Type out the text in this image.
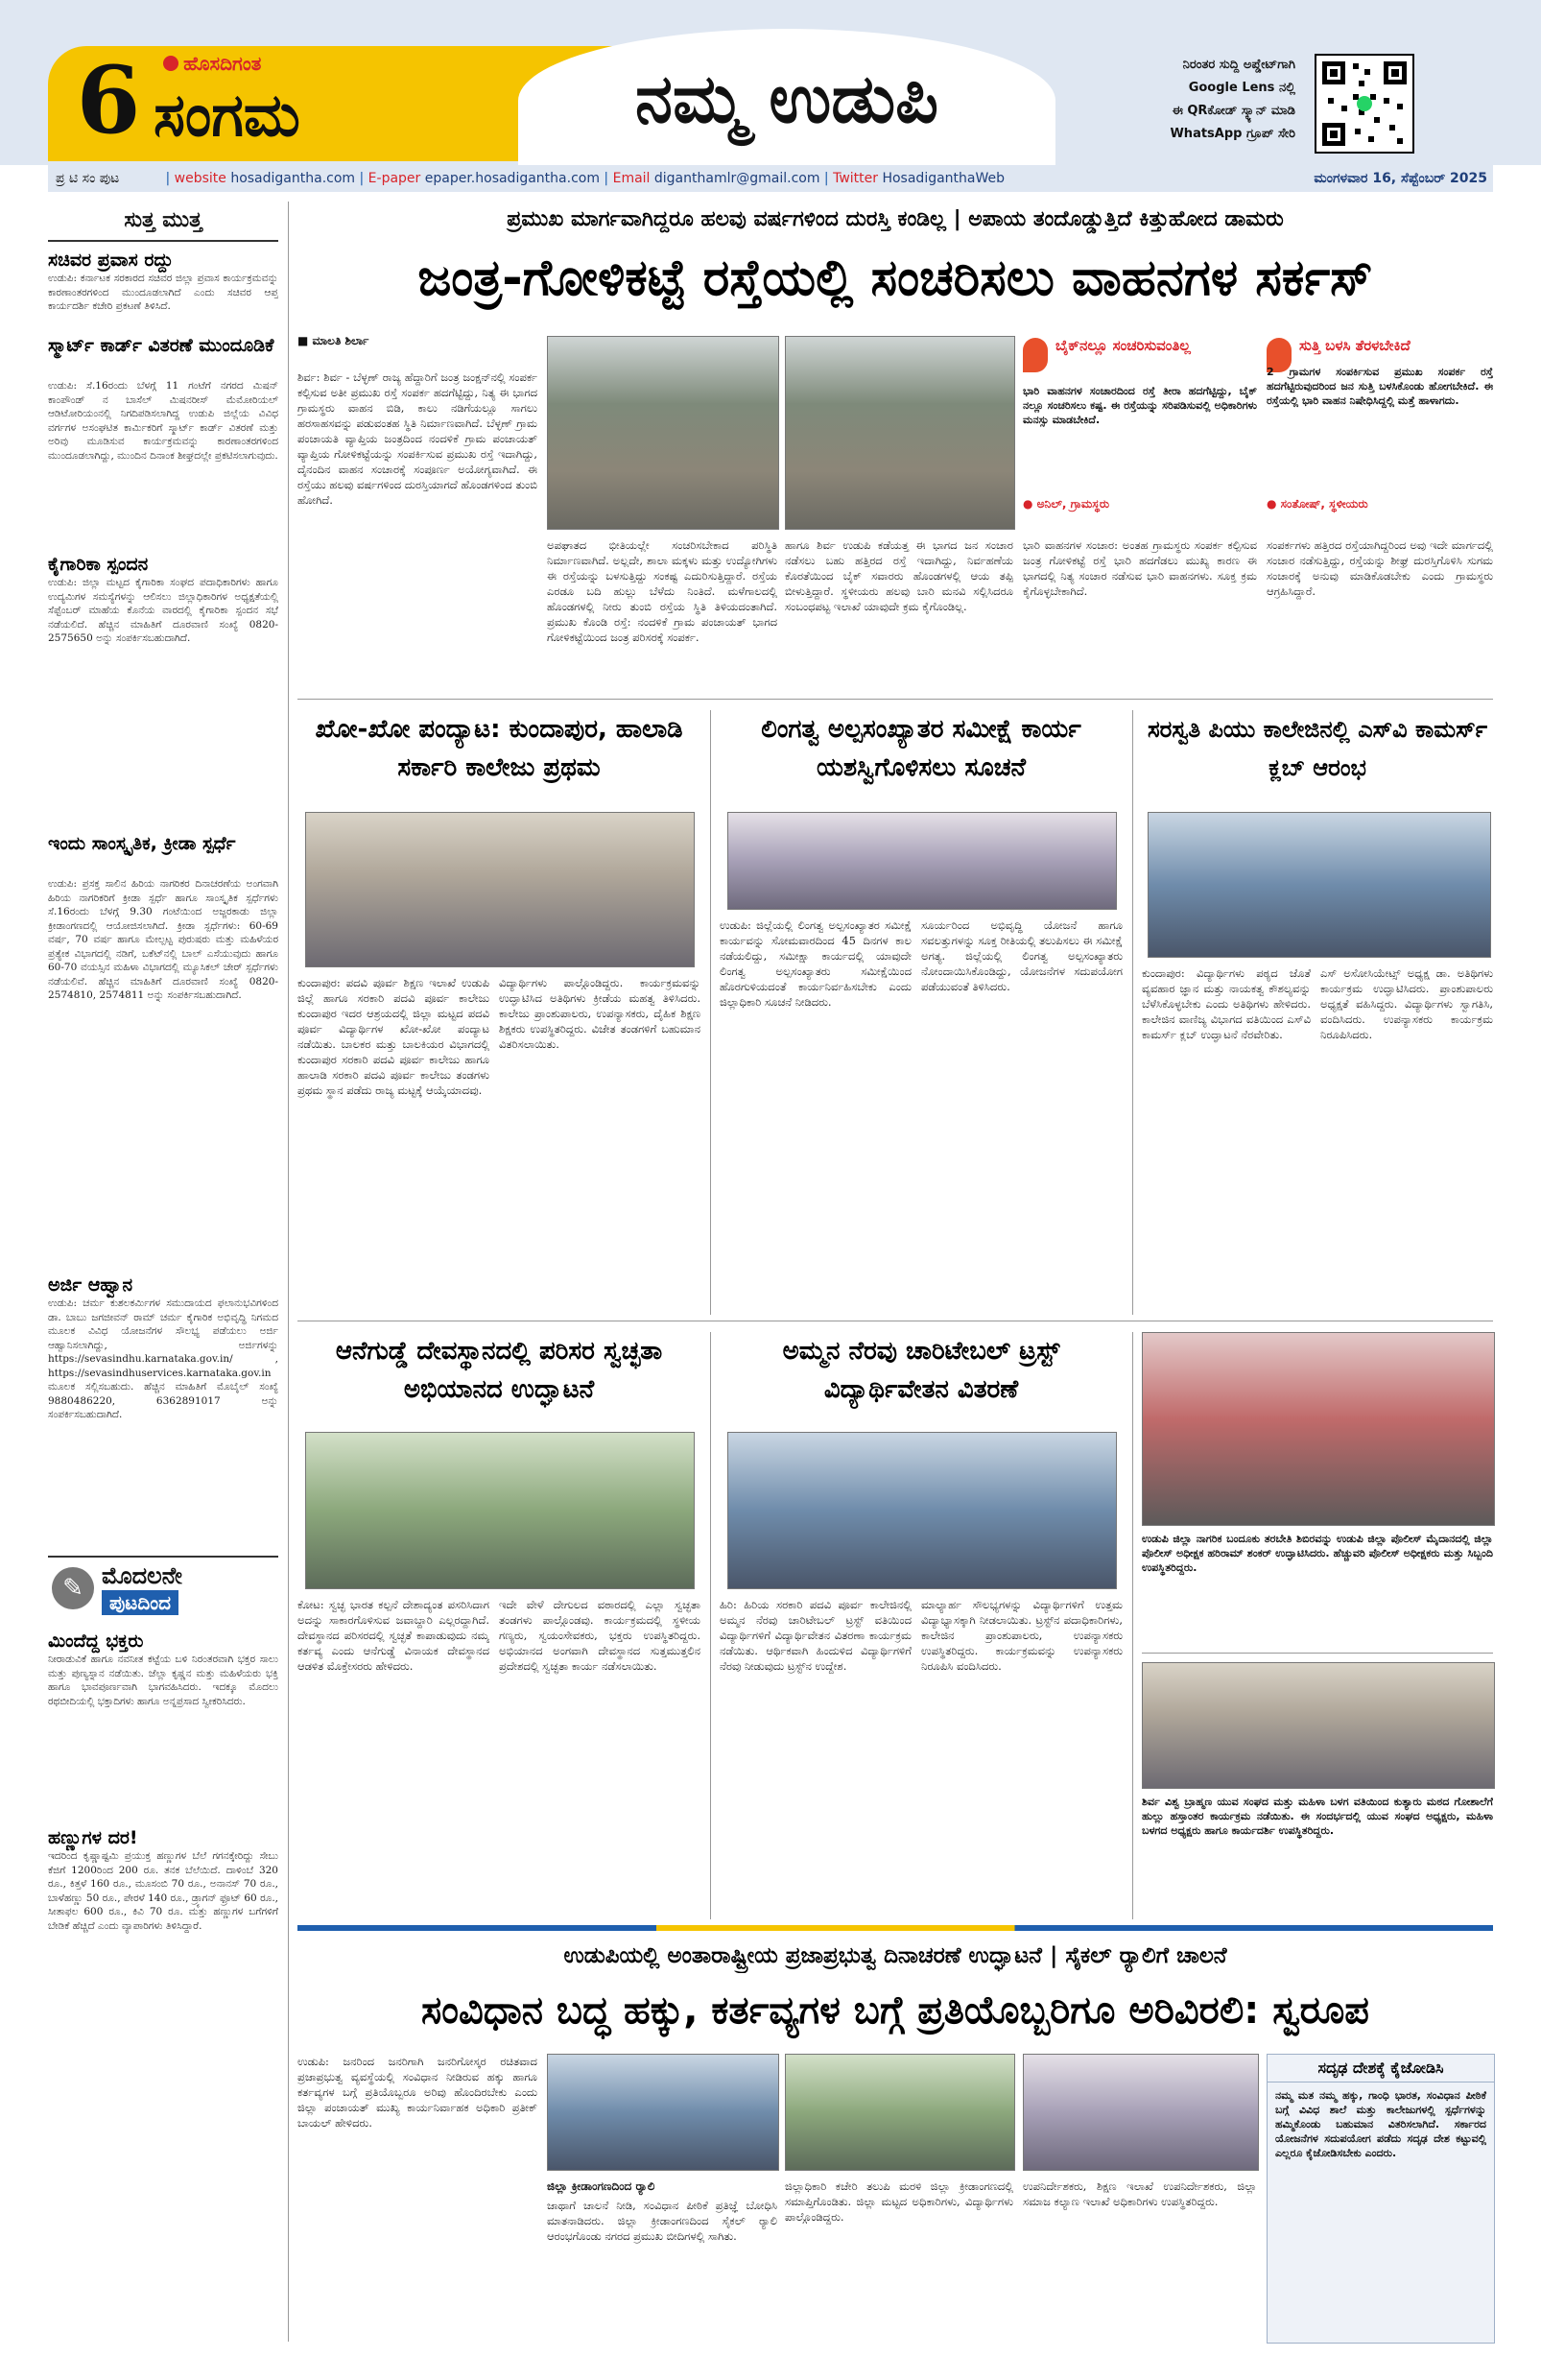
6	ಹೊಸದಿಗಂತ
ಸಂಗಮ	ನಮ್ಮ ಉಡುಪಿ	ನಿರಂತರ ಸುದ್ದಿ ಅಪ್ಡೇಟ್‌ಗಾಗಿ
Google Lens ನಲ್ಲಿ
ಈ QRಕೋಡ್ ಸ್ಕ್ಯಾನ್ ಮಾಡಿ
WhatsApp ಗ್ರೂಪ್ ಸೇರಿ
ಪ್ರ ಟಿ ಸಂ ಪುಟ	| website hosadigantha.com | E-paper epaper.hosadigantha.com | Email diganthamlr@gmail.com | Twitter HosadiganthaWeb	ಮಂಗಳವಾರ 16, ಸೆಪ್ಟೆಂಬರ್ 2025
ಸುತ್ತ ಮುತ್ತ
ಸಚಿವರ ಪ್ರವಾಸ ರದ್ದು
ಉಡುಪಿ: ಕರ್ನಾಟಕ ಸರಕಾರದ ಸಚಿವರ ಜಿಲ್ಲಾ ಪ್ರವಾಸ ಕಾರ್ಯಕ್ರಮವನ್ನು ಕಾರಣಾಂತರಗಳಿಂದ ಮುಂದೂಡಲಾಗಿದೆ ಎಂದು ಸಚಿವರ ಆಪ್ತ ಕಾರ್ಯದರ್ಶಿ ಕಚೇರಿ ಪ್ರಕಟಣೆ ತಿಳಿಸಿದೆ.
ಸ್ಮಾರ್ಟ್ ಕಾರ್ಡ್ ವಿತರಣೆ ಮುಂದೂಡಿಕೆ
ಉಡುಪಿ: ಸೆ.16ರಂದು ಬೆಳಗ್ಗೆ 11 ಗಂಟೆಗೆ ನಗರದ ಮಿಷನ್ ಕಾಂಪೌಂಡ್ ನ ಬಾಸೆಲ್ ಮಿಷನರೀಸ್ ಮೆಮೋರಿಯಲ್ ಆಡಿಟೋರಿಯಂನಲ್ಲಿ ನಿಗದಿಪಡಿಸಲಾಗಿದ್ದ ಉಡುಪಿ ಜಿಲ್ಲೆಯ ವಿವಿಧ ವರ್ಗಗಳ ಅಸಂಘಟಿತ ಕಾರ್ಮಿಕರಿಗೆ ಸ್ಮಾರ್ಟ್ ಕಾರ್ಡ್ ವಿತರಣೆ ಮತ್ತು ಅರಿವು ಮೂಡಿಸುವ ಕಾರ್ಯಕ್ರಮವನ್ನು ಕಾರಣಾಂತರಗಳಿಂದ ಮುಂದೂಡಲಾಗಿದ್ದು, ಮುಂದಿನ ದಿನಾಂಕ ಶೀಘ್ರದಲ್ಲೇ ಪ್ರಕಟಿಸಲಾಗುವುದು.
ಕೈಗಾರಿಕಾ ಸ್ಪಂದನ
ಉಡುಪಿ: ಜಿಲ್ಲಾ ಮಟ್ಟದ ಕೈಗಾರಿಕಾ ಸಂಘದ ಪದಾಧಿಕಾರಿಗಳು ಹಾಗೂ ಉದ್ಯಮಿಗಳ ಸಮಸ್ಯೆಗಳನ್ನು ಆಲಿಸಲು ಜಿಲ್ಲಾಧಿಕಾರಿಗಳ ಅಧ್ಯಕ್ಷತೆಯಲ್ಲಿ ಸೆಪ್ಟೆಂಬರ್ ಮಾಹೆಯ ಕೊನೆಯ ವಾರದಲ್ಲಿ ಕೈಗಾರಿಕಾ ಸ್ಪಂದನ ಸಭೆ ನಡೆಯಲಿದೆ. ಹೆಚ್ಚಿನ ಮಾಹಿತಿಗೆ ದೂರವಾಣಿ ಸಂಖ್ಯೆ 0820-2575650 ಅನ್ನು ಸಂಪರ್ಕಿಸಬಹುದಾಗಿದೆ.
ಇಂದು ಸಾಂಸ್ಕೃತಿಕ, ಕ್ರೀಡಾ ಸ್ಪರ್ಧೆ
ಉಡುಪಿ: ಪ್ರಸಕ್ತ ಸಾಲಿನ ಹಿರಿಯ ನಾಗರಿಕರ ದಿನಾಚರಣೆಯ ಅಂಗವಾಗಿ ಹಿರಿಯ ನಾಗರಿಕರಿಗೆ ಕ್ರೀಡಾ ಸ್ಪರ್ಧೆ ಹಾಗೂ ಸಾಂಸ್ಕೃತಿಕ ಸ್ಪರ್ಧೆಗಳು ಸೆ.16ರಂದು ಬೆಳಗ್ಗೆ 9.30 ಗಂಟೆಯಿಂದ ಅಜ್ಜರಕಾಡು ಜಿಲ್ಲಾ ಕ್ರೀಡಾಂಗಣದಲ್ಲಿ ಆಯೋಜಿಸಲಾಗಿದೆ. ಕ್ರೀಡಾ ಸ್ಪರ್ಧೆಗಳು: 60-69 ವರ್ಷ, 70 ವರ್ಷ ಹಾಗೂ ಮೇಲ್ಪಟ್ಟ ಪುರುಷರು ಮತ್ತು ಮಹಿಳೆಯರ ಪ್ರತ್ಯೇಕ ವಿಭಾಗದಲ್ಲಿ ನಡಿಗೆ, ಬಕೆಟ್‌ನಲ್ಲಿ ಬಾಲ್ ಎಸೆಯುವುದು ಹಾಗೂ 60-70 ವಯಸ್ಸಿನ ಮಹಿಳಾ ವಿಭಾಗದಲ್ಲಿ ಮ್ಯೂಸಿಕಲ್ ಚೇರ್ ಸ್ಪರ್ಧೆಗಳು ನಡೆಯಲಿವೆ. ಹೆಚ್ಚಿನ ಮಾಹಿತಿಗೆ ದೂರವಾಣಿ ಸಂಖ್ಯೆ 0820-2574810, 2574811 ಅನ್ನು ಸಂಪರ್ಕಿಸಬಹುದಾಗಿದೆ.
ಅರ್ಜಿ ಆಹ್ವಾನ
ಉಡುಪಿ: ಚರ್ಮ ಕುಶಲಕರ್ಮಿಗಳ ಸಮುದಾಯದ ಫಲಾನುಭವಿಗಳಿಂದ ಡಾ. ಬಾಬು ಜಗಜೀವನ್ ರಾಮ್ ಚರ್ಮ ಕೈಗಾರಿಕ ಅಭಿವೃದ್ಧಿ ನಿಗಮದ ಮೂಲಕ ವಿವಿಧ ಯೋಜನೆಗಳ ಸೌಲಭ್ಯ ಪಡೆಯಲು ಅರ್ಜಿ ಆಹ್ವಾನಿಸಲಾಗಿದ್ದು, ಅರ್ಜಿಗಳನ್ನು https://sevasindhu.karnataka.gov.in/ , https://sevasindhuservices.karnataka.gov.in ಮೂಲಕ ಸಲ್ಲಿಸಬಹುದು. ಹೆಚ್ಚಿನ ಮಾಹಿತಿಗೆ ಮೊಬೈಲ್ ಸಂಖ್ಯೆ 9880486220, 6362891017 ಅನ್ನು ಸಂಪರ್ಕಿಸಬಹುದಾಗಿದೆ.
✎ ಮೊದಲನೇ
ಪುಟದಿಂದ
ಮಿಂದೆದ್ದ ಭಕ್ತರು
ನೀರಾಡುವಿಕೆ ಹಾಗೂ ನವನೀತ ಕಟ್ಟೆಯ ಬಳಿ ನಿರಂತರವಾಗಿ ಭಕ್ತರ ಸಾಲು ಮತ್ತು ಪುಣ್ಯಸ್ನಾನ ನಡೆಯಿತು. ಜೆಲ್ಲಾ ಕೃಷ್ಣನ ಮತ್ತು ಮಹಿಳೆಯರು ಭಕ್ತಿ ಹಾಗೂ ಭಾವಪೂರ್ಣವಾಗಿ ಭಾಗವಹಿಸಿದರು. ಇದಕ್ಕೂ ಮೊದಲು ರಥಬೀದಿಯಲ್ಲಿ ಭಕ್ತಾದಿಗಳು ಹಾಗೂ ಅನ್ನಪ್ರಸಾದ ಸ್ವೀಕರಿಸಿದರು.
ಹಣ್ಣುಗಳ ದರ!
ಇದರಿಂದ ಕೃಷ್ಣಾಷ್ಟಮಿ ಪ್ರಯುಕ್ತ ಹಣ್ಣುಗಳ ಬೆಲೆ ಗಗನಕ್ಕೇರಿದ್ದು ಸೇಬು ಕೆಜಿಗೆ 1200ರಿಂದ 200 ರೂ. ತನಕ ಬೆಲೆಯಿದೆ. ದಾಳಿಂಬೆ 320 ರೂ., ಕಿತ್ತಳೆ 160 ರೂ., ಮೂಸಂಬಿ 70 ರೂ., ಅನಾನಸ್ 70 ರೂ., ಬಾಳೆಹಣ್ಣು 50 ರೂ., ಪೇರಳೆ 140 ರೂ., ಡ್ರ್ಯಾಗನ್ ಫ್ರೂಟ್ 60 ರೂ., ಸೀತಾಫಲ 600 ರೂ., ಕಿವಿ 70 ರೂ. ಮತ್ತು ಹಣ್ಣುಗಳ ಬಗೆಗಳಿಗೆ ಬೇಡಿಕೆ ಹೆಚ್ಚಿದೆ ಎಂದು ವ್ಯಾಪಾರಿಗಳು ತಿಳಿಸಿದ್ದಾರೆ.
ಪ್ರಮುಖ ಮಾರ್ಗವಾಗಿದ್ದರೂ ಹಲವು ವರ್ಷಗಳಿಂದ ದುರಸ್ತಿ ಕಂಡಿಲ್ಲ | ಅಪಾಯ ತಂದೊಡ್ಡುತ್ತಿದೆ ಕಿತ್ತುಹೋದ ಡಾಮರು
ಜಂತ್ರ-ಗೋಳಿಕಟ್ಟೆ ರಸ್ತೆಯಲ್ಲಿ ಸಂಚರಿಸಲು ವಾಹನಗಳ ಸರ್ಕಸ್
■ ಮಾಲತಿ ಶಿರ್ಲಾ
ಶಿರ್ವ: ಶಿರ್ವ - ಬೆಳ್ಳಣ್ ರಾಜ್ಯ ಹೆದ್ದಾರಿಗೆ ಜಂತ್ರ ಜಂಕ್ಷನ್‌ನಲ್ಲಿ ಸಂಪರ್ಕ ಕಲ್ಪಿಸುವ ಅತೀ ಪ್ರಮುಖ ರಸ್ತೆ ಸಂಪರ್ಕ ಹದಗೆಟ್ಟಿದ್ದು, ನಿತ್ಯ ಈ ಭಾಗದ ಗ್ರಾಮಸ್ಥರು ವಾಹನ ಬಿಡಿ, ಕಾಲು ನಡಿಗೆಯಲ್ಲೂ ಸಾಗಲು ಹರಸಾಹಸವನ್ನು ಪಡುವಂತಹ ಸ್ಥಿತಿ ನಿರ್ಮಾಣವಾಗಿದೆ. ಬೆಳ್ಳಣ್ ಗ್ರಾಮ ಪಂಚಾಯತಿ ವ್ಯಾಪ್ತಿಯ ಜಂತ್ರದಿಂದ ನಂದಳಿಕೆ ಗ್ರಾಮ ಪಂಚಾಯತ್ ವ್ಯಾಪ್ತಿಯ ಗೋಳಿಕಟ್ಟೆಯನ್ನು ಸಂಪರ್ಕಿಸುವ ಪ್ರಮುಖ ರಸ್ತೆ ಇದಾಗಿದ್ದು, ದೈನಂದಿನ ವಾಹನ ಸಂಚಾರಕ್ಕೆ ಸಂಪೂರ್ಣ ಅಯೋಗ್ಯವಾಗಿದೆ. ಈ ರಸ್ತೆಯು ಹಲವು ವರ್ಷಗಳಿಂದ ದುರಸ್ತಿಯಾಗದೆ ಹೊಂಡಗಳಿಂದ ತುಂಬಿ ಹೋಗಿದೆ.
ಅಪಘಾತದ ಭೀತಿಯಲ್ಲೇ ಸಂಚರಿಸಬೇಕಾದ ಪರಿಸ್ಥಿತಿ ನಿರ್ಮಾಣವಾಗಿದೆ. ಅಲ್ಲದೇ, ಶಾಲಾ ಮಕ್ಕಳು ಮತ್ತು ಉದ್ಯೋಗಿಗಳು ಈ ರಸ್ತೆಯನ್ನು ಬಳಸುತ್ತಿದ್ದು ಸಂಕಷ್ಟ ಎದುರಿಸುತ್ತಿದ್ದಾರೆ. ರಸ್ತೆಯ ಎರಡೂ ಬದಿ ಹುಲ್ಲು ಬೆಳೆದು ನಿಂತಿದೆ. ಮಳೆಗಾಲದಲ್ಲಿ ಹೊಂಡಗಳಲ್ಲಿ ನೀರು ತುಂಬಿ ರಸ್ತೆಯ ಸ್ಥಿತಿ ತಿಳಿಯದಂತಾಗಿದೆ. ಪ್ರಮುಖ ಕೊಂಡಿ ರಸ್ತೆ: ನಂದಳಿಕೆ ಗ್ರಾಮ ಪಂಚಾಯತ್ ಭಾಗದ ಗೋಳಿಕಟ್ಟೆಯಿಂದ ಜಂತ್ರ ಪರಿಸರಕ್ಕೆ ಸಂಪರ್ಕ.
ಹಾಗೂ ಶಿರ್ವ ಉಡುಪಿ ಕಡೆಯತ್ತ ಈ ಭಾಗದ ಜನ ಸಂಚಾರ ನಡೆಸಲು ಬಹು ಹತ್ತಿರದ ರಸ್ತೆ ಇದಾಗಿದ್ದು, ನಿರ್ವಹಣೆಯ ಕೊರತೆಯಿಂದ ಬೈಕ್ ಸವಾರರು ಹೊಂಡಗಳಲ್ಲಿ ಆಯ ತಪ್ಪಿ ಬೀಳುತ್ತಿದ್ದಾರೆ. ಸ್ಥಳೀಯರು ಹಲವು ಬಾರಿ ಮನವಿ ಸಲ್ಲಿಸಿದರೂ ಸಂಬಂಧಪಟ್ಟ ಇಲಾಖೆ ಯಾವುದೇ ಕ್ರಮ ಕೈಗೊಂಡಿಲ್ಲ.
ಬೈಕ್‌ನಲ್ಲೂ ಸಂಚರಿಸುವಂತಿಲ್ಲ
ಭಾರಿ ವಾಹನಗಳ ಸಂಚಾರದಿಂದ ರಸ್ತೆ ತೀರಾ ಹದಗೆಟ್ಟಿದ್ದು, ಬೈಕ್ ನಲ್ಲೂ ಸಂಚರಿಸಲು ಕಷ್ಟ. ಈ ರಸ್ತೆಯನ್ನು ಸರಿಪಡಿಸುವಲ್ಲಿ ಅಧಿಕಾರಿಗಳು ಮನಸ್ಸು ಮಾಡಬೇಕಿದೆ.
● ಅನಿಲ್, ಗ್ರಾಮಸ್ಥರು
ಸುತ್ತಿ ಬಳಸಿ ತೆರಳಬೇಕಿದೆ
2 ಗ್ರಾಮಗಳ ಸಂಪರ್ಕಿಸುವ ಪ್ರಮುಖ ಸಂಪರ್ಕ ರಸ್ತೆ ಹದಗೆಟ್ಟಿರುವುದರಿಂದ ಜನ ಸುತ್ತಿ ಬಳಸಿಕೊಂಡು ಹೋಗಬೇಕಿದೆ. ಈ ರಸ್ತೆಯಲ್ಲಿ ಭಾರಿ ವಾಹನ ನಿಷೇಧಿಸಿದ್ದಲ್ಲಿ ಮತ್ತೆ ಹಾಳಾಗದು.
● ಸಂತೋಷ್, ಸ್ಥಳೀಯರು
ಭಾರಿ ವಾಹನಗಳ ಸಂಚಾರ: ಅಂತಹ ಗ್ರಾಮಸ್ಥರು ಸಂಪರ್ಕ ಕಲ್ಪಿಸುವ ಜಂತ್ರ ಗೋಳಿಕಟ್ಟೆ ರಸ್ತೆ ಭಾರಿ ಹದಗೆಡಲು ಮುಖ್ಯ ಕಾರಣ ಈ ಭಾಗದಲ್ಲಿ ನಿತ್ಯ ಸಂಚಾರ ನಡೆಸುವ ಭಾರಿ ವಾಹನಗಳು. ಸೂಕ್ತ ಕ್ರಮ ಕೈಗೊಳ್ಳಬೇಕಾಗಿದೆ.
ಸಂಪರ್ಕಗಳು ಹತ್ತಿರದ ರಸ್ತೆಯಾಗಿದ್ದರಿಂದ ಅವು ಇದೇ ಮಾರ್ಗದಲ್ಲಿ ಸಂಚಾರ ನಡೆಸುತ್ತಿದ್ದು, ರಸ್ತೆಯನ್ನು ಶೀಘ್ರ ದುರಸ್ತಿಗೊಳಿಸಿ ಸುಗಮ ಸಂಚಾರಕ್ಕೆ ಅನುವು ಮಾಡಿಕೊಡಬೇಕು ಎಂದು ಗ್ರಾಮಸ್ಥರು ಆಗ್ರಹಿಸಿದ್ದಾರೆ.
ಖೋ-ಖೋ ಪಂದ್ಯಾಟ: ಕುಂದಾಪುರ, ಹಾಲಾಡಿ ಸರ್ಕಾರಿ ಕಾಲೇಜು ಪ್ರಥಮ
ಕುಂದಾಪುರ: ಪದವಿ ಪೂರ್ವ ಶಿಕ್ಷಣ ಇಲಾಖೆ ಉಡುಪಿ ಜಿಲ್ಲೆ ಹಾಗೂ ಸರಕಾರಿ ಪದವಿ ಪೂರ್ವ ಕಾಲೇಜು ಕುಂದಾಪುರ ಇದರ ಆಶ್ರಯದಲ್ಲಿ ಜಿಲ್ಲಾ ಮಟ್ಟದ ಪದವಿ ಪೂರ್ವ ವಿದ್ಯಾರ್ಥಿಗಳ ಖೋ-ಖೋ ಪಂದ್ಯಾಟ ನಡೆಯಿತು. ಬಾಲಕರ ಮತ್ತು ಬಾಲಕಿಯರ ವಿಭಾಗದಲ್ಲಿ ಕುಂದಾಪುರ ಸರಕಾರಿ ಪದವಿ ಪೂರ್ವ ಕಾಲೇಜು ಹಾಗೂ ಹಾಲಾಡಿ ಸರಕಾರಿ ಪದವಿ ಪೂರ್ವ ಕಾಲೇಜು ತಂಡಗಳು ಪ್ರಥಮ ಸ್ಥಾನ ಪಡೆದು ರಾಜ್ಯ ಮಟ್ಟಕ್ಕೆ ಆಯ್ಕೆಯಾದವು.
ವಿದ್ಯಾರ್ಥಿಗಳು ಪಾಲ್ಗೊಂಡಿದ್ದರು. ಕಾರ್ಯಕ್ರಮವನ್ನು ಉದ್ಘಾಟಿಸಿದ ಅತಿಥಿಗಳು ಕ್ರೀಡೆಯ ಮಹತ್ವ ತಿಳಿಸಿದರು. ಕಾಲೇಜು ಪ್ರಾಂಶುಪಾಲರು, ಉಪನ್ಯಾಸಕರು, ದೈಹಿಕ ಶಿಕ್ಷಣ ಶಿಕ್ಷಕರು ಉಪಸ್ಥಿತರಿದ್ದರು. ವಿಜೇತ ತಂಡಗಳಿಗೆ ಬಹುಮಾನ ವಿತರಿಸಲಾಯಿತು.
ಲಿಂಗತ್ವ ಅಲ್ಪಸಂಖ್ಯಾತರ ಸಮೀಕ್ಷೆ ಕಾರ್ಯ ಯಶಸ್ವಿಗೊಳಿಸಲು ಸೂಚನೆ
ಉಡುಪಿ: ಜಿಲ್ಲೆಯಲ್ಲಿ ಲಿಂಗತ್ವ ಅಲ್ಪಸಂಖ್ಯಾತರ ಸಮೀಕ್ಷೆ ಕಾರ್ಯವನ್ನು ಸೋಮವಾರದಿಂದ 45 ದಿನಗಳ ಕಾಲ ನಡೆಯಲಿದ್ದು, ಸಮೀಕ್ಷಾ ಕಾರ್ಯದಲ್ಲಿ ಯಾವುದೇ ಲಿಂಗತ್ವ ಅಲ್ಪಸಂಖ್ಯಾತರು ಸಮೀಕ್ಷೆಯಿಂದ ಹೊರಗುಳಿಯದಂತೆ ಕಾರ್ಯನಿರ್ವಹಿಸಬೇಕು ಎಂದು ಜಿಲ್ಲಾಧಿಕಾರಿ ಸೂಚನೆ ನೀಡಿದರು.
ಸೂರ್ಯರಿಂದ ಅಭಿವೃದ್ಧಿ ಯೋಜನೆ ಹಾಗೂ ಸವಲತ್ತುಗಳನ್ನು ಸೂಕ್ತ ರೀತಿಯಲ್ಲಿ ತಲುಪಿಸಲು ಈ ಸಮೀಕ್ಷೆ ಅಗತ್ಯ. ಜಿಲ್ಲೆಯಲ್ಲಿ ಲಿಂಗತ್ವ ಅಲ್ಪಸಂಖ್ಯಾತರು ನೋಂದಾಯಿಸಿಕೊಂಡಿದ್ದು, ಯೋಜನೆಗಳ ಸದುಪಯೋಗ ಪಡೆಯುವಂತೆ ತಿಳಿಸಿದರು.
ಸರಸ್ವತಿ ಪಿಯು ಕಾಲೇಜಿನಲ್ಲಿ ಎಸ್‌ವಿ ಕಾಮರ್ಸ್ ಕ್ಲಬ್ ಆರಂಭ
ಕುಂದಾಪುರ: ವಿದ್ಯಾರ್ಥಿಗಳು ಪಠ್ಯದ ಜೊತೆ ವ್ಯವಹಾರ ಜ್ಞಾನ ಮತ್ತು ನಾಯಕತ್ವ ಕೌಶಲ್ಯವನ್ನು ಬೆಳೆಸಿಕೊಳ್ಳಬೇಕು ಎಂದು ಅತಿಥಿಗಳು ಹೇಳಿದರು. ಕಾಲೇಜಿನ ವಾಣಿಜ್ಯ ವಿಭಾಗದ ವತಿಯಿಂದ ಎಸ್‌ವಿ ಕಾಮರ್ಸ್ ಕ್ಲಬ್ ಉದ್ಘಾಟನೆ ನೆರವೇರಿತು.
ಎಸ್ ಅಸೋಸಿಯೇಟ್ಸ್ ಅಧ್ಯಕ್ಷ ಡಾ. ಅತಿಥಿಗಳು ಕಾರ್ಯಕ್ರಮ ಉದ್ಘಾಟಿಸಿದರು. ಪ್ರಾಂಶುಪಾಲರು ಅಧ್ಯಕ್ಷತೆ ವಹಿಸಿದ್ದರು. ವಿದ್ಯಾರ್ಥಿಗಳು ಸ್ವಾಗತಿಸಿ, ವಂದಿಸಿದರು. ಉಪನ್ಯಾಸಕರು ಕಾರ್ಯಕ್ರಮ ನಿರೂಪಿಸಿದರು.
ಆನೆಗುಡ್ಡೆ ದೇವಸ್ಥಾನದಲ್ಲಿ ಪರಿಸರ ಸ್ವಚ್ಛತಾ ಅಭಿಯಾನದ ಉದ್ಘಾಟನೆ
ಕೋಟ: ಸ್ವಚ್ಛ ಭಾರತ ಕಲ್ಪನೆ ದೇಶಾದ್ಯಂತ ಪಸರಿಸಿದಾಗ ಅದನ್ನು ಸಾಕಾರಗೊಳಿಸುವ ಜವಾಬ್ದಾರಿ ಎಲ್ಲರದ್ದಾಗಿದೆ. ದೇವಸ್ಥಾನದ ಪರಿಸರದಲ್ಲಿ ಸ್ವಚ್ಛತೆ ಕಾಪಾಡುವುದು ನಮ್ಮ ಕರ್ತವ್ಯ ಎಂದು ಆನೆಗುಡ್ಡೆ ವಿನಾಯಕ ದೇವಸ್ಥಾನದ ಆಡಳಿತ ಮೊಕ್ತೇಸರರು ಹೇಳಿದರು.
ಇದೇ ವೇಳೆ ದೇಗುಲದ ವಠಾರದಲ್ಲಿ ಎಲ್ಲಾ ಸ್ವಚ್ಛತಾ ತಂಡಗಳು ಪಾಲ್ಗೊಂಡವು. ಕಾರ್ಯಕ್ರಮದಲ್ಲಿ ಸ್ಥಳೀಯ ಗಣ್ಯರು, ಸ್ವಯಂಸೇವಕರು, ಭಕ್ತರು ಉಪಸ್ಥಿತರಿದ್ದರು. ಅಭಿಯಾನದ ಅಂಗವಾಗಿ ದೇವಸ್ಥಾನದ ಸುತ್ತಮುತ್ತಲಿನ ಪ್ರದೇಶದಲ್ಲಿ ಸ್ವಚ್ಛತಾ ಕಾರ್ಯ ನಡೆಸಲಾಯಿತು.
ಅಮ್ಮನ ನೆರವು ಚಾರಿಟೇಬಲ್ ಟ್ರಸ್ಟ್ ವಿದ್ಯಾರ್ಥಿವೇತನ ವಿತರಣೆ
ಹಿರಿ: ಹಿರಿಯ ಸರಕಾರಿ ಪದವಿ ಪೂರ್ವ ಕಾಲೇಜಿನಲ್ಲಿ ಅಮ್ಮನ ನೆರವು ಚಾರಿಟೇಬಲ್ ಟ್ರಸ್ಟ್ ವತಿಯಿಂದ ವಿದ್ಯಾರ್ಥಿಗಳಿಗೆ ವಿದ್ಯಾರ್ಥಿವೇತನ ವಿತರಣಾ ಕಾರ್ಯಕ್ರಮ ನಡೆಯಿತು. ಆರ್ಥಿಕವಾಗಿ ಹಿಂದುಳಿದ ವಿದ್ಯಾರ್ಥಿಗಳಿಗೆ ನೆರವು ನೀಡುವುದು ಟ್ರಸ್ಟ್‌ನ ಉದ್ದೇಶ.
ಮಾಲ್ಯಾರ್ಹ ಸೌಲಭ್ಯಗಳನ್ನು ವಿದ್ಯಾರ್ಥಿಗಳಿಗೆ ಉತ್ತಮ ವಿದ್ಯಾಭ್ಯಾಸಕ್ಕಾಗಿ ನೀಡಲಾಯಿತು. ಟ್ರಸ್ಟ್‌ನ ಪದಾಧಿಕಾರಿಗಳು, ಕಾಲೇಜಿನ ಪ್ರಾಂಶುಪಾಲರು, ಉಪನ್ಯಾಸಕರು ಉಪಸ್ಥಿತರಿದ್ದರು. ಕಾರ್ಯಕ್ರಮವನ್ನು ಉಪನ್ಯಾಸಕರು ನಿರೂಪಿಸಿ ವಂದಿಸಿದರು.
ಉಡುಪಿ ಜಿಲ್ಲಾ ನಾಗರಿಕ ಬಂದೂಕು ತರಬೇತಿ ಶಿಬಿರವನ್ನು ಉಡುಪಿ ಜಿಲ್ಲಾ ಪೊಲೀಸ್ ಮೈದಾನದಲ್ಲಿ ಜಿಲ್ಲಾ ಪೊಲೀಸ್ ಅಧೀಕ್ಷಕ ಹರಿರಾಮ್ ಶಂಕರ್ ಉದ್ಘಾಟಿಸಿದರು. ಹೆಚ್ಚುವರಿ ಪೊಲೀಸ್ ಅಧೀಕ್ಷಕರು ಮತ್ತು ಸಿಬ್ಬಂದಿ ಉಪಸ್ಥಿತರಿದ್ದರು.
ಶಿರ್ವ ವಿಶ್ವ ಬ್ರಾಹ್ಮಣ ಯುವ ಸಂಘದ ಮತ್ತು ಮಹಿಳಾ ಬಳಗ ವತಿಯಿಂದ ಕುತ್ಯಾರು ಮಠದ ಗೋಶಾಲೆಗೆ ಹುಲ್ಲು ಹಸ್ತಾಂತರ ಕಾರ್ಯಕ್ರಮ ನಡೆಯಿತು. ಈ ಸಂದರ್ಭದಲ್ಲಿ ಯುವ ಸಂಘದ ಅಧ್ಯಕ್ಷರು, ಮಹಿಳಾ ಬಳಗದ ಅಧ್ಯಕ್ಷರು ಹಾಗೂ ಕಾರ್ಯದರ್ಶಿ ಉಪಸ್ಥಿತರಿದ್ದರು.
ಉಡುಪಿಯಲ್ಲಿ ಅಂತಾರಾಷ್ಟ್ರೀಯ ಪ್ರಜಾಪ್ರಭುತ್ವ ದಿನಾಚರಣೆ ಉದ್ಘಾಟನೆ | ಸೈಕಲ್ ರ್‍ಯಾಲಿಗೆ ಚಾಲನೆ
ಸಂವಿಧಾನ ಬದ್ಧ ಹಕ್ಕು, ಕರ್ತವ್ಯಗಳ ಬಗ್ಗೆ ಪ್ರತಿಯೊಬ್ಬರಿಗೂ ಅರಿವಿರಲಿ: ಸ್ವರೂಪ
ಉಡುಪಿ: ಜನರಿಂದ ಜನರಿಗಾಗಿ ಜನರಿಗೋಸ್ಕರ ರಚಿತವಾದ ಪ್ರಜಾಪ್ರಭುತ್ವ ವ್ಯವಸ್ಥೆಯಲ್ಲಿ ಸಂವಿಧಾನ ನೀಡಿರುವ ಹಕ್ಕು ಹಾಗೂ ಕರ್ತವ್ಯಗಳ ಬಗ್ಗೆ ಪ್ರತಿಯೊಬ್ಬರೂ ಅರಿವು ಹೊಂದಿರಬೇಕು ಎಂದು ಜಿಲ್ಲಾ ಪಂಚಾಯತ್ ಮುಖ್ಯ ಕಾರ್ಯನಿರ್ವಾಹಕ ಅಧಿಕಾರಿ ಪ್ರತೀಕ್ ಬಾಯಲ್ ಹೇಳಿದರು.
ಜಿಲ್ಲಾ ಕ್ರೀಡಾಂಗಣದಿಂದ ರ್‍ಯಾಲಿ
ಜಾಥಾಗೆ ಚಾಲನೆ ನೀಡಿ, ಸಂವಿಧಾನ ಪೀಠಿಕೆ ಪ್ರತಿಜ್ಞೆ ಬೋಧಿಸಿ ಮಾತನಾಡಿದರು. ಜಿಲ್ಲಾ ಕ್ರೀಡಾಂಗಣದಿಂದ ಸೈಕಲ್ ರ್‍ಯಾಲಿ ಆರಂಭಗೊಂಡು ನಗರದ ಪ್ರಮುಖ ಬೀದಿಗಳಲ್ಲಿ ಸಾಗಿತು.
ಜಿಲ್ಲಾಧಿಕಾರಿ ಕಚೇರಿ ತಲುಪಿ ಮರಳಿ ಜಿಲ್ಲಾ ಕ್ರೀಡಾಂಗಣದಲ್ಲಿ ಸಮಾಪ್ತಿಗೊಂಡಿತು. ಜಿಲ್ಲಾ ಮಟ್ಟದ ಅಧಿಕಾರಿಗಳು, ವಿದ್ಯಾರ್ಥಿಗಳು ಪಾಲ್ಗೊಂಡಿದ್ದರು.
ಉಪನಿರ್ದೇಶಕರು, ಶಿಕ್ಷಣ ಇಲಾಖೆ ಉಪನಿರ್ದೇಶಕರು, ಜಿಲ್ಲಾ ಸಮಾಜ ಕಲ್ಯಾಣ ಇಲಾಖೆ ಅಧಿಕಾರಿಗಳು ಉಪಸ್ಥಿತರಿದ್ದರು.
ಸದೃಢ ದೇಶಕ್ಕೆ ಕೈಜೋಡಿಸಿ
ನಮ್ಮ ಮತ ನಮ್ಮ ಹಕ್ಕು, ಗಾಂಧಿ ಭಾರತ, ಸಂವಿಧಾನ ಪೀಠಿಕೆ ಬಗ್ಗೆ ವಿವಿಧ ಶಾಲೆ ಮತ್ತು ಕಾಲೇಜುಗಳಲ್ಲಿ ಸ್ಪರ್ಧೆಗಳನ್ನು ಹಮ್ಮಿಕೊಂಡು ಬಹುಮಾನ ವಿತರಿಸಲಾಗಿದೆ. ಸರ್ಕಾರದ ಯೋಜನೆಗಳ ಸದುಪಯೋಗ ಪಡೆದು ಸದೃಢ ದೇಶ ಕಟ್ಟುವಲ್ಲಿ ಎಲ್ಲರೂ ಕೈಜೋಡಿಸಬೇಕು ಎಂದರು.
